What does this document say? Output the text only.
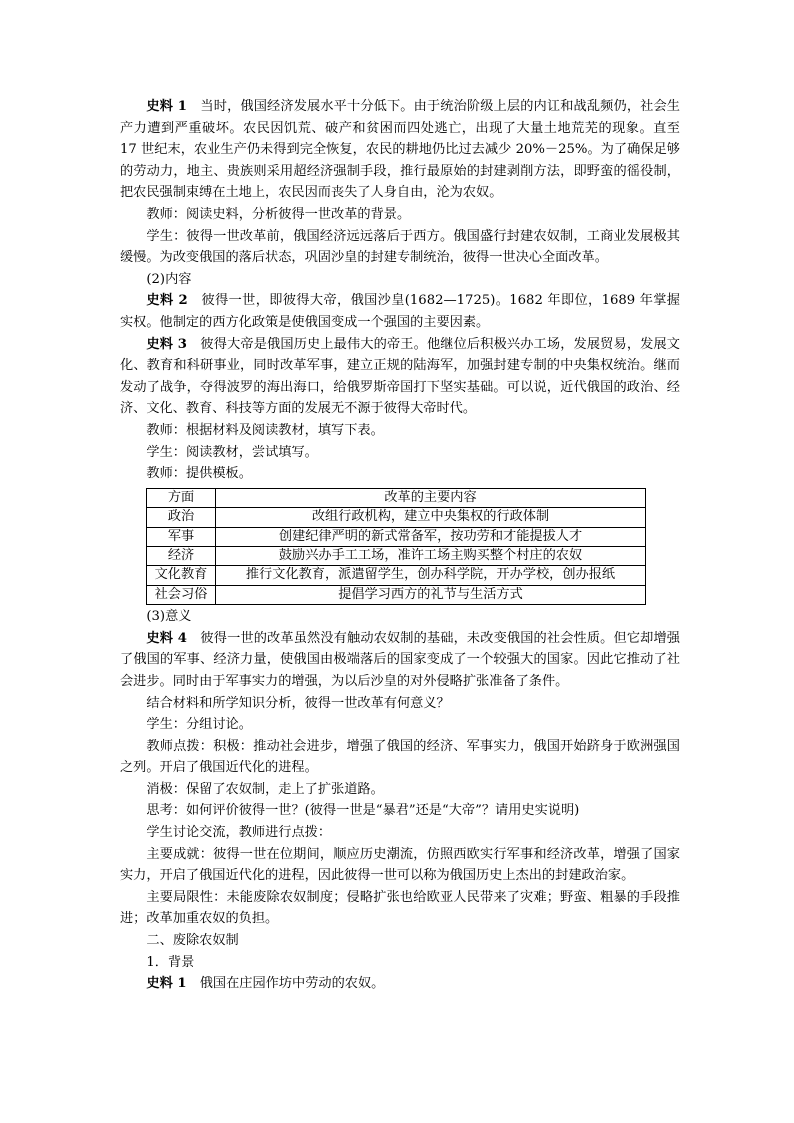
史料 1　当时，俄国经济发展水平十分低下。由于统治阶级上层的内讧和战乱频仍，社会生产力遭到严重破坏。农民因饥荒、破产和贫困而四处逃亡，出现了大量土地荒芜的现象。直至 17 世纪末，农业生产仍未得到完全恢复，农民的耕地仍比过去减少 20%－25%。为了确保足够的劳动力，地主、贵族则采用超经济强制手段，推行最原始的封建剥削方法，即野蛮的徭役制，把农民强制束缚在土地上，农民因而丧失了人身自由，沦为农奴。

教师：阅读史料，分析彼得一世改革的背景。

学生：彼得一世改革前，俄国经济远远落后于西方。俄国盛行封建农奴制，工商业发展极其缓慢。为改变俄国的落后状态，巩固沙皇的封建专制统治，彼得一世决心全面改革。

(2)内容

史料 2　彼得一世，即彼得大帝，俄国沙皇(1682—1725)。1682 年即位，1689 年掌握实权。他制定的西方化政策是使俄国变成一个强国的主要因素。

史料 3　彼得大帝是俄国历史上最伟大的帝王。他继位后积极兴办工场，发展贸易，发展文化、教育和科研事业，同时改革军事，建立正规的陆海军，加强封建专制的中央集权统治。继而发动了战争，夺得波罗的海出海口，给俄罗斯帝国打下坚实基础。可以说，近代俄国的政治、经济、文化、教育、科技等方面的发展无不源于彼得大帝时代。

教师：根据材料及阅读教材，填写下表。

学生：阅读教材，尝试填写。

教师：提供模板。

方面	改革的主要内容
政治	改组行政机构，建立中央集权的行政体制
军事	创建纪律严明的新式常备军，按功劳和才能提拔人才
经济	鼓励兴办手工工场，准许工场主购买整个村庄的农奴
文化教育	推行文化教育，派遣留学生，创办科学院，开办学校，创办报纸
社会习俗	提倡学习西方的礼节与生活方式

(3)意义

史料 4　彼得一世的改革虽然没有触动农奴制的基础，未改变俄国的社会性质。但它却增强了俄国的军事、经济力量，使俄国由极端落后的国家变成了一个较强大的国家。因此它推动了社会进步。同时由于军事实力的增强，为以后沙皇的对外侵略扩张准备了条件。

结合材料和所学知识分析，彼得一世改革有何意义？

学生：分组讨论。

教师点拨：积极：推动社会进步，增强了俄国的经济、军事实力，俄国开始跻身于欧洲强国之列。开启了俄国近代化的进程。

消极：保留了农奴制，走上了扩张道路。

思考：如何评价彼得一世？(彼得一世是“暴君”还是“大帝”？请用史实说明)

学生讨论交流，教师进行点拨：

主要成就：彼得一世在位期间，顺应历史潮流，仿照西欧实行军事和经济改革，增强了国家实力，开启了俄国近代化的进程，因此彼得一世可以称为俄国历史上杰出的封建政治家。

主要局限性：未能废除农奴制度；侵略扩张也给欧亚人民带来了灾难；野蛮、粗暴的手段推进；改革加重农奴的负担。

二、废除农奴制

1．背景

史料 1　俄国在庄园作坊中劳动的农奴。
